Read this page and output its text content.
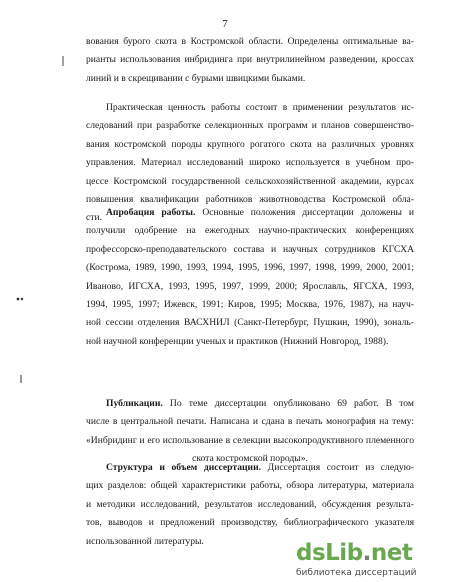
7
вования бурого скота в Костромской области. Определены оптимальные ва-
рианты использования инбридинга при внутрилинейном разведении, кроссах
линий и в скрещивании с бурыми швицкими быками.
Практическая ценность работы состоит в применении результатов ис-
следований при разработке селекционных программ и планов совершенство-
вания костромской породы крупного рогатого скота на различных уровнях
управления. Материал исследований широко используется в учебном про-
цессе Костромской государственной сельскохозяйственной академии, курсах
повышения квалификации работников животноводства Костромской обла-
сти. Апробация работы. Основные положения диссертации доложены и
получили одобрение на ежегодных научно-практических конференциях
профессорско-преподавательского состава и научных сотрудников КГСХА
(Кострома, 1989, 1990, 1993, 1994, 1995, 1996, 1997, 1998, 1999, 2000, 2001;
Иваново, ИГСХА, 1993, 1995, 1997, 1999, 2000; Ярославль, ЯГСХА, 1993,
1994, 1995, 1997; Ижевск, 1991; Киров, 1995; Москва, 1976, 1987), на науч-
ной сессии отделения ВАСХНИЛ (Санкт-Петербург, Пушкин, 1990), зональ-
ной научной конференции ученых и практиков (Нижний Новгород, 1988).
Публикации. По теме диссертации опубликовано 69 работ. В том
числе в центральной печати. Написана и сдана в печать монография на тему:
«Инбридинг и его использование в селекции высокопродуктивного племенного
скота костромской породы».
Структура и объем диссертации. Диссертация состоит из следую-
щих разделов: общей характеристики работы, обзора литературы, материала
и методики исследований, результатов исследований, обсуждения результа-
тов, выводов и предложений производству, библиографического указателя
использованной литературы.	dsLib.net
библиотека диссертаций
